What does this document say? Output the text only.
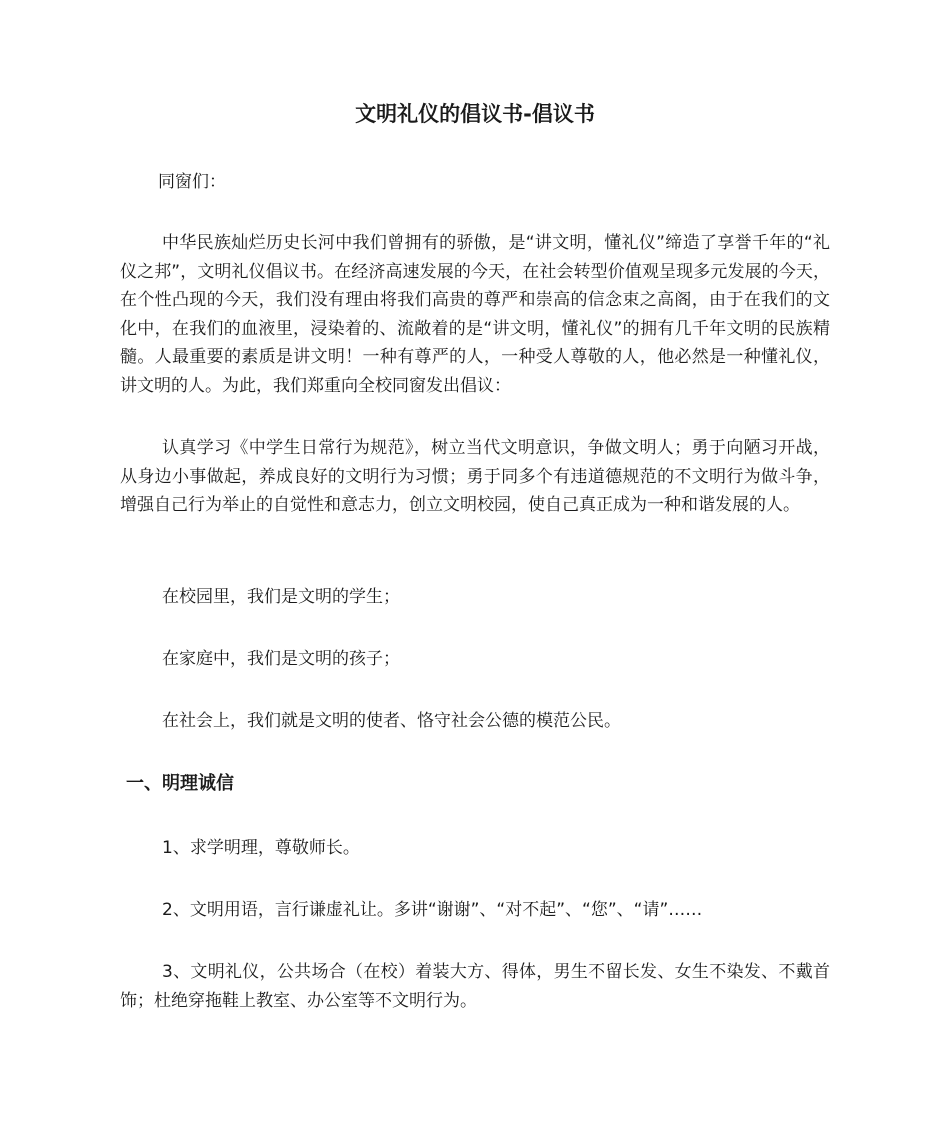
文明礼仪的倡议书-倡议书

同窗们：

中华民族灿烂历史长河中我们曾拥有的骄傲，是“讲文明，懂礼仪”缔造了享誉千年的“礼仪之邦”，文明礼仪倡议书。在经济高速发展的今天，在社会转型价值观呈现多元发展的今天，在个性凸现的今天，我们没有理由将我们高贵的尊严和崇高的信念束之高阁，由于在我们的文化中，在我们的血液里，浸染着的、流敞着的是“讲文明，懂礼仪”的拥有几千年文明的民族精髓。人最重要的素质是讲文明！一种有尊严的人，一种受人尊敬的人，他必然是一种懂礼仪，讲文明的人。为此，我们郑重向全校同窗发出倡议：

认真学习《中学生日常行为规范》，树立当代文明意识，争做文明人；勇于向陋习开战，从身边小事做起，养成良好的文明行为习惯；勇于同多个有违道德规范的不文明行为做斗争，增强自己行为举止的自觉性和意志力，创立文明校园，使自己真正成为一种和谐发展的人。

在校园里，我们是文明的学生；

在家庭中，我们是文明的孩子；

在社会上，我们就是文明的使者、恪守社会公德的模范公民。

一、明理诚信

1、求学明理，尊敬师长。

2、文明用语，言行谦虚礼让。多讲“谢谢”、“对不起”、“您”、“请”……

3、文明礼仪，公共场合（在校）着装大方、得体，男生不留长发、女生不染发、不戴首饰；杜绝穿拖鞋上教室、办公室等不文明行为。
